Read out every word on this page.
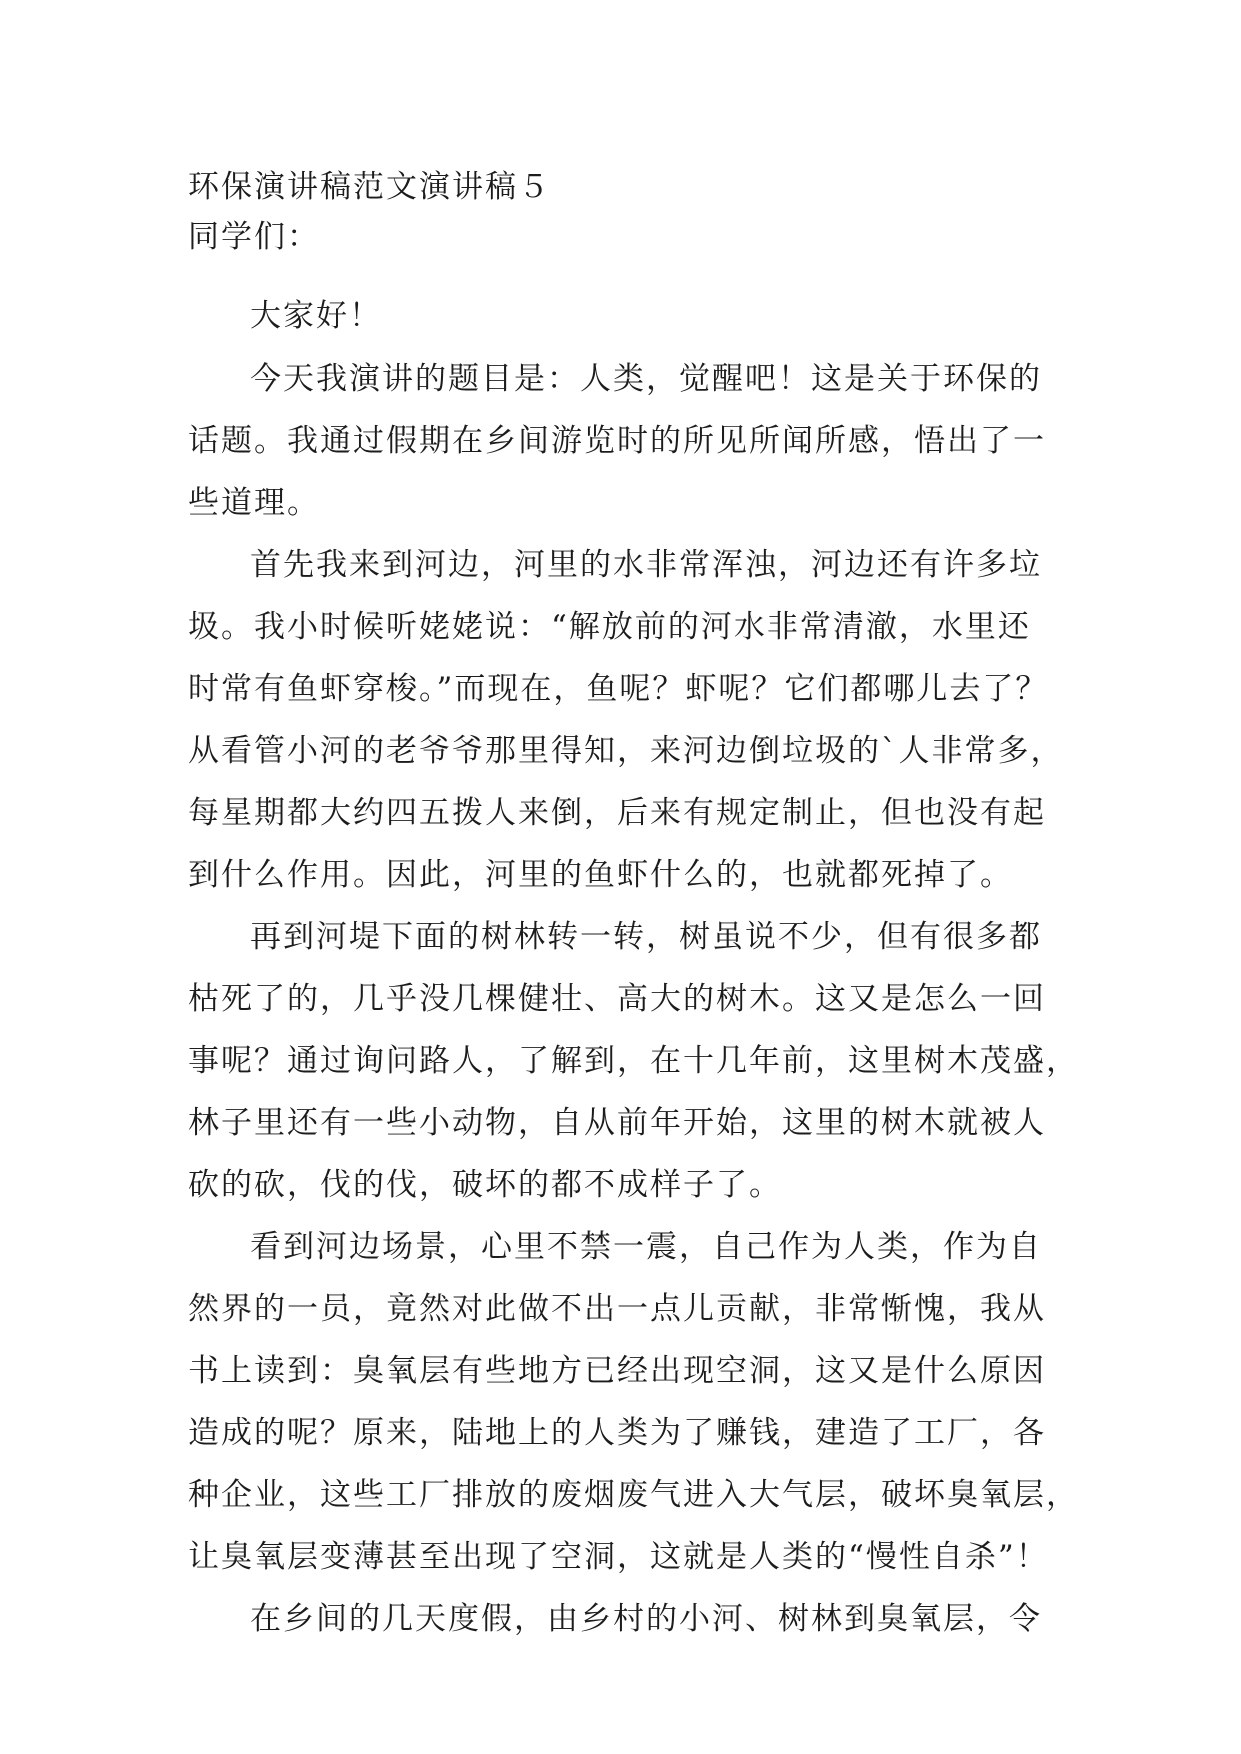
环保演讲稿范文演讲稿５
同学们：

大家好！

今天我演讲的题目是：人类，觉醒吧！这是关于环保的
话题。我通过假期在乡间游览时的所见所闻所感，悟出了一
些道理。

首先我来到河边，河里的水非常浑浊，河边还有许多垃
圾。我小时候听姥姥说：“解放前的河水非常清澈，水里还
时常有鱼虾穿梭。”而现在，鱼呢？虾呢？它们都哪儿去了？
从看管小河的老爷爷那里得知，来河边倒垃圾的`人非常多，
每星期都大约四五拨人来倒，后来有规定制止，但也没有起
到什么作用。因此，河里的鱼虾什么的，也就都死掉了。

再到河堤下面的树林转一转，树虽说不少，但有很多都
枯死了的，几乎没几棵健壮、高大的树木。这又是怎么一回
事呢？通过询问路人，了解到，在十几年前，这里树木茂盛，
林子里还有一些小动物，自从前年开始，这里的树木就被人
砍的砍，伐的伐，破坏的都不成样子了。

看到河边场景，心里不禁一震，自己作为人类，作为自
然界的一员，竟然对此做不出一点儿贡献，非常惭愧，我从
书上读到：臭氧层有些地方已经出现空洞，这又是什么原因
造成的呢？原来，陆地上的人类为了赚钱，建造了工厂，各
种企业，这些工厂排放的废烟废气进入大气层，破坏臭氧层，
让臭氧层变薄甚至出现了空洞，这就是人类的“慢性自杀”！

在乡间的几天度假，由乡村的小河、树林到臭氧层，令
